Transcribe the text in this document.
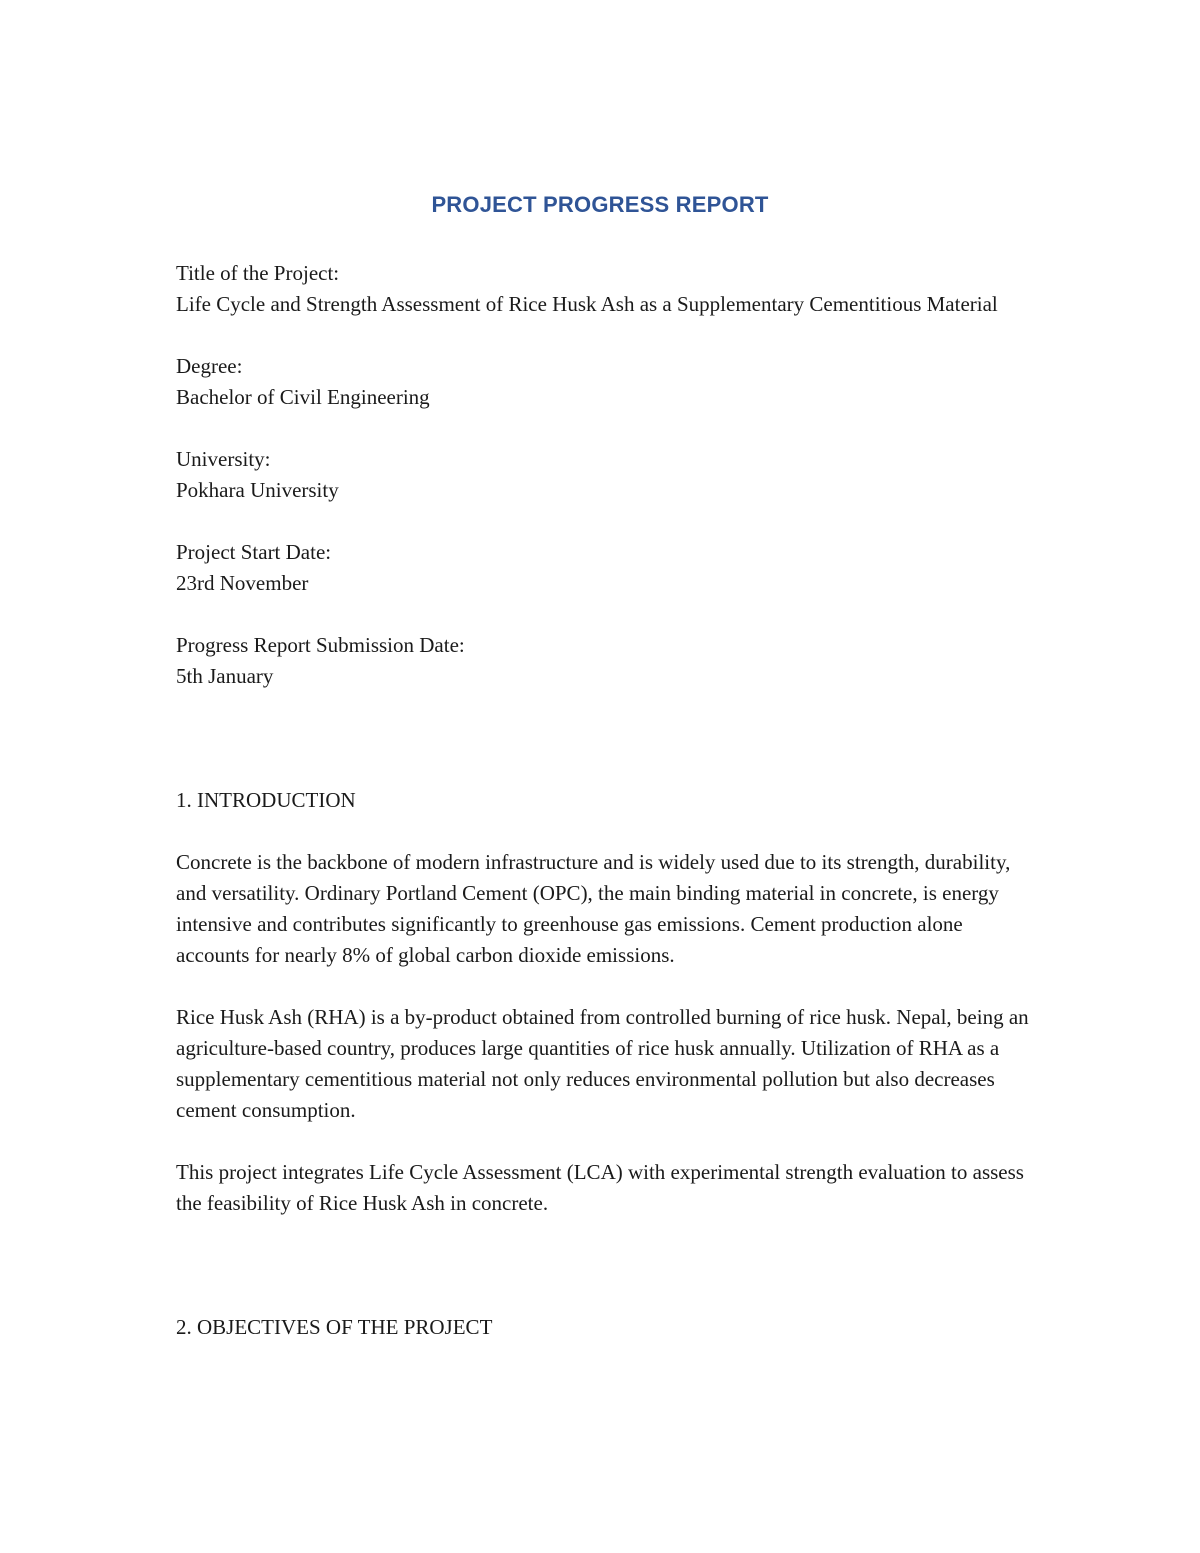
PROJECT PROGRESS REPORT

Title of the Project:

Life Cycle and Strength Assessment of Rice Husk Ash as a Supplementary Cementitious Material

Degree:

Bachelor of Civil Engineering

University:

Pokhara University

Project Start Date:

23rd November

Progress Report Submission Date:

5th January

1. INTRODUCTION

Concrete is the backbone of modern infrastructure and is widely used due to its strength, durability, and versatility. Ordinary Portland Cement (OPC), the main binding material in concrete, is energy intensive and contributes significantly to greenhouse gas emissions. Cement production alone accounts for nearly 8% of global carbon dioxide emissions.

Rice Husk Ash (RHA) is a by-product obtained from controlled burning of rice husk. Nepal, being an agriculture-based country, produces large quantities of rice husk annually. Utilization of RHA as a supplementary cementitious material not only reduces environmental pollution but also decreases cement consumption.

This project integrates Life Cycle Assessment (LCA) with experimental strength evaluation to assess the feasibility of Rice Husk Ash in concrete.

2. OBJECTIVES OF THE PROJECT
